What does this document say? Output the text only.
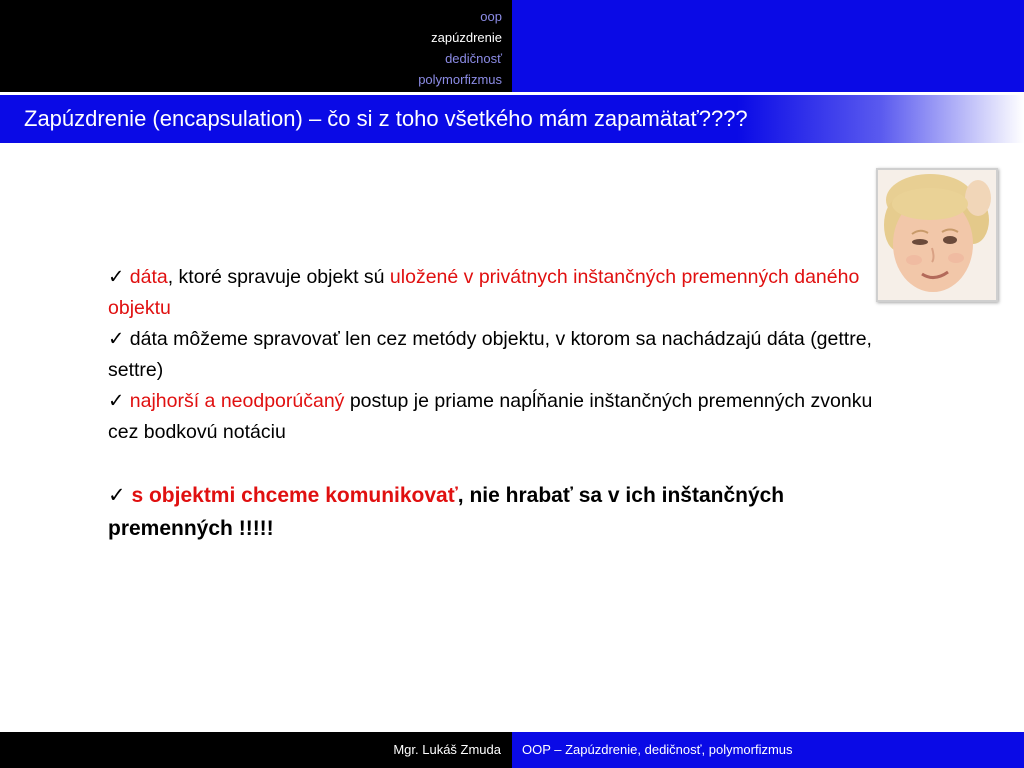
oop
zapúzdrenie
dedičnosť
polymorfizmus
Zapúzdrenie (encapsulation) – čo si z toho všetkého mám zapamätať????

✓ dáta, ktoré spravuje objekt sú uložené v privátnych inštančných premenných daného objektu

✓ dáta môžeme spravovať len cez metódy objektu, v ktorom sa nachádzajú dáta (gettre, settre)

✓ najhorší a neodporúčaný postup je priame napĺňanie inštančných premenných zvonku cez bodkovú notáciu

✓ s objektmi chceme komunikovať, nie hrabať sa v ich inštančných premenných !!!!!

Mgr. Lukáš Zmuda OOP – Zapúzdrenie, dedičnosť, polymorfizmus
